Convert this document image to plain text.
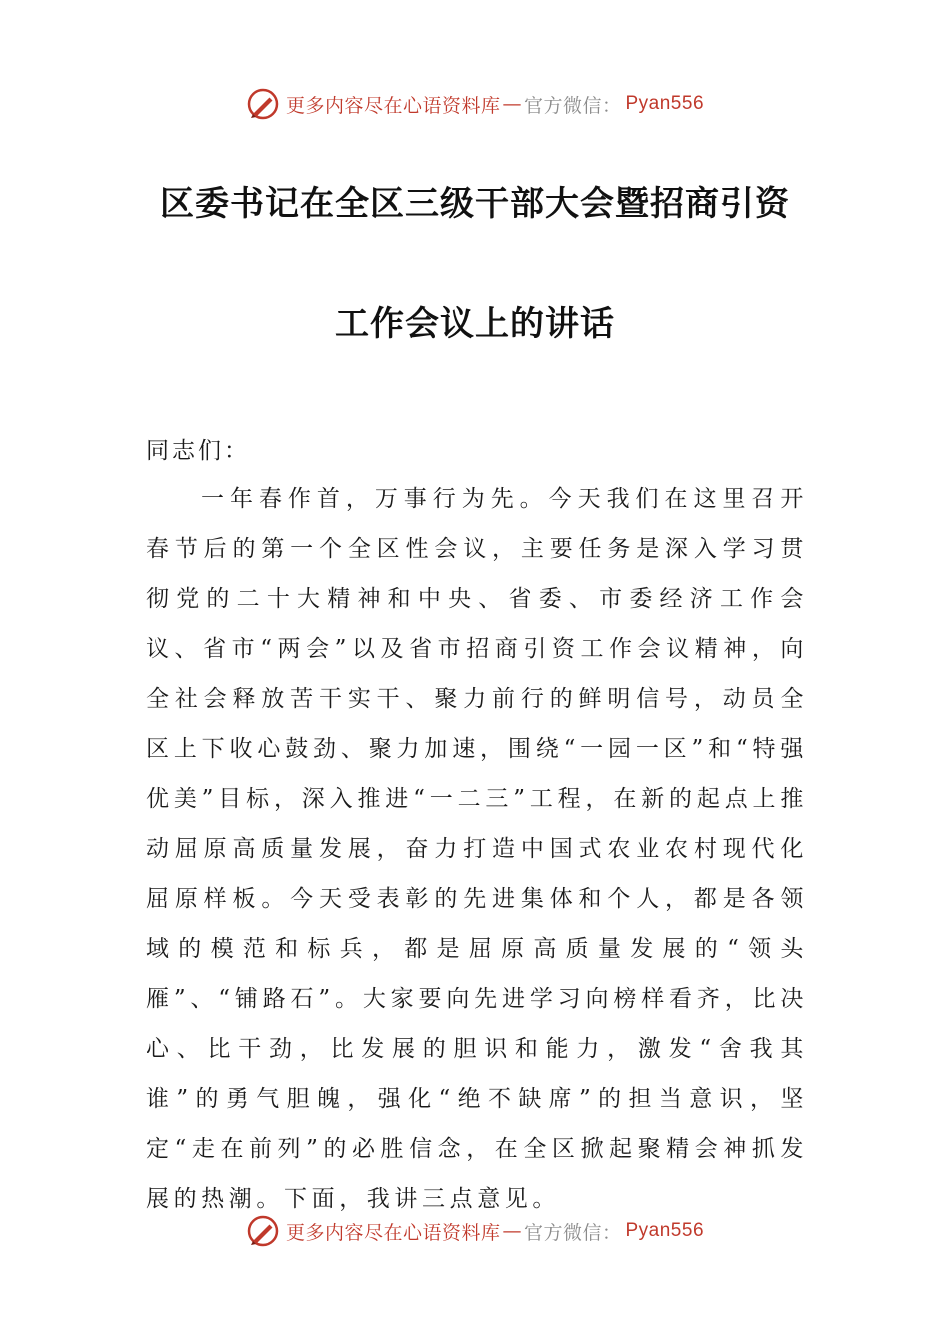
更多内容尽在心语资料库 — 官方微信： Pyan556
区委书记在全区三级干部大会暨招商引资
工作会议上的讲话
同志们：

一年春作首，万事行为先。今天我们在这里召开春节后的第一个全区性会议，主要任务是深入学习贯彻党的二十大精神和中央、省委、市委经济工作会议、省市“两会”以及省市招商引资工作会议精神，向全社会释放苦干实干、聚力前行的鲜明信号，动员全区上下收心鼓劲、聚力加速，围绕“一园一区”和“特强优美”目标，深入推进“一二三”工程，在新的起点上推动屈原高质量发展，奋力打造中国式农业农村现代化屈原样板。今天受表彰的先进集体和个人，都是各领域的模范和标兵，都是屈原高质量发展的“领头雁”、“铺路石”。大家要向先进学习向榜样看齐，比决心、比干劲，比发展的胆识和能力，激发“舍我其谁”的勇气胆魄，强化“绝不缺席”的担当意识，坚定“走在前列”的必胜信念，在全区掀起聚精会神抓发展的热潮。下面，我讲三点意见。

更多内容尽在心语资料库 — 官方微信： Pyan556
